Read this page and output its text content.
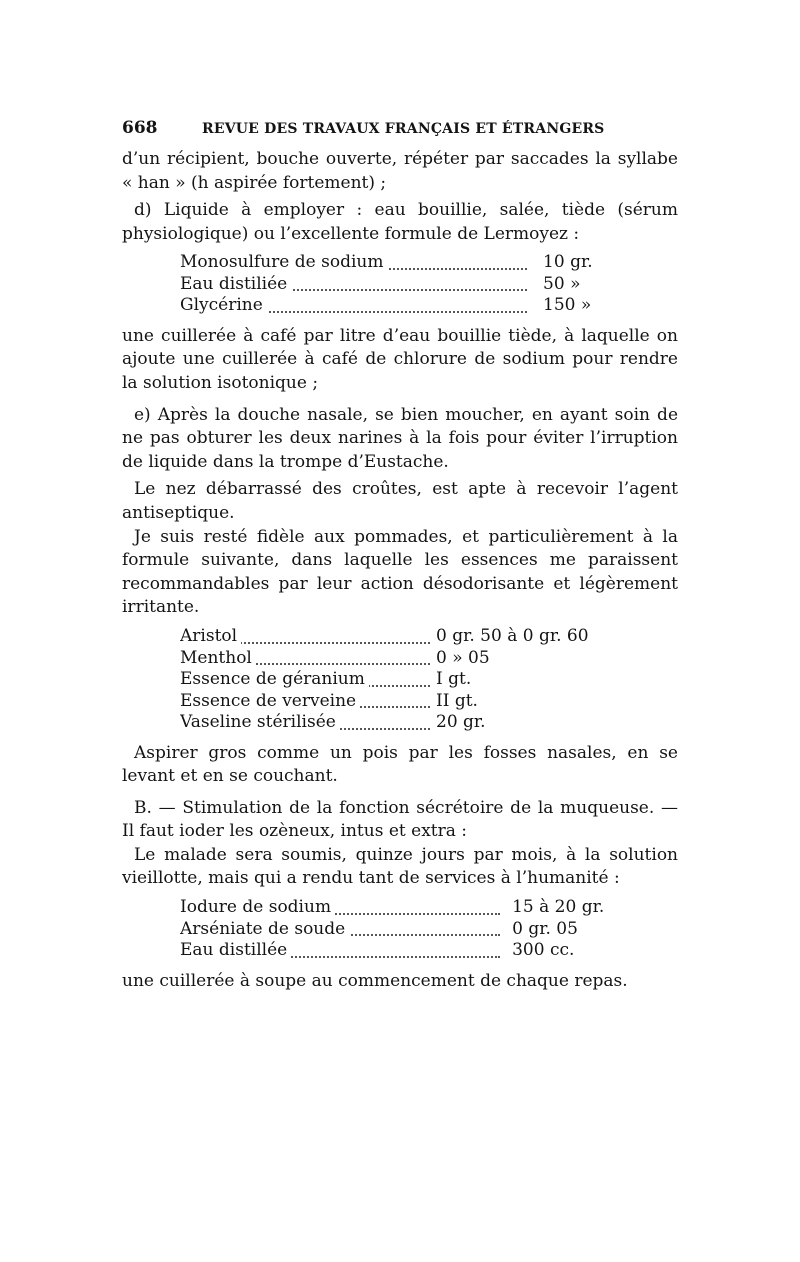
668	REVUE DES TRAVAUX FRANÇAIS ET ÉTRANGERS

d’un récipient, bouche ouverte, répéter par saccades la syllabe « han » (h aspirée fortement) ;

d) Liquide à employer : eau bouillie, salée, tiède (sérum physiologique) ou l’excellente formule de Lermoyez :

Monosulfure de sodium	10 gr.
Eau distiliée	50 »
Glycérine	150 »

une cuillerée à café par litre d’eau bouillie tiède, à laquelle on ajoute une cuillerée à café de chlorure de sodium pour rendre la solution isotonique ;

e) Après la douche nasale, se bien moucher, en ayant soin de ne pas obturer les deux narines à la fois pour éviter l’irruption de liquide dans la trompe d’Eustache.

Le nez débarrassé des croûtes, est apte à recevoir l’agent antiseptique.

Je suis resté fidèle aux pommades, et particulièrement à la formule suivante, dans laquelle les essences me paraissent recommandables par leur action désodorisante et légèrement irritante.

Aristol	0 gr. 50 à 0 gr. 60
Menthol	0 » 05
Essence de géranium	I gt.
Essence de verveine	II gt.
Vaseline stérilisée	20 gr.

Aspirer gros comme un pois par les fosses nasales, en se levant et en se couchant.

B. — Stimulation de la fonction sécrétoire de la muqueuse. — Il faut ioder les ozèneux, intus et extra :

Le malade sera soumis, quinze jours par mois, à la solution vieillotte, mais qui a rendu tant de services à l’humanité :

Iodure de sodium	15 à 20 gr.
Arséniate de soude	0 gr. 05
Eau distillée	300 cc.

une cuillerée à soupe au commencement de chaque repas.
